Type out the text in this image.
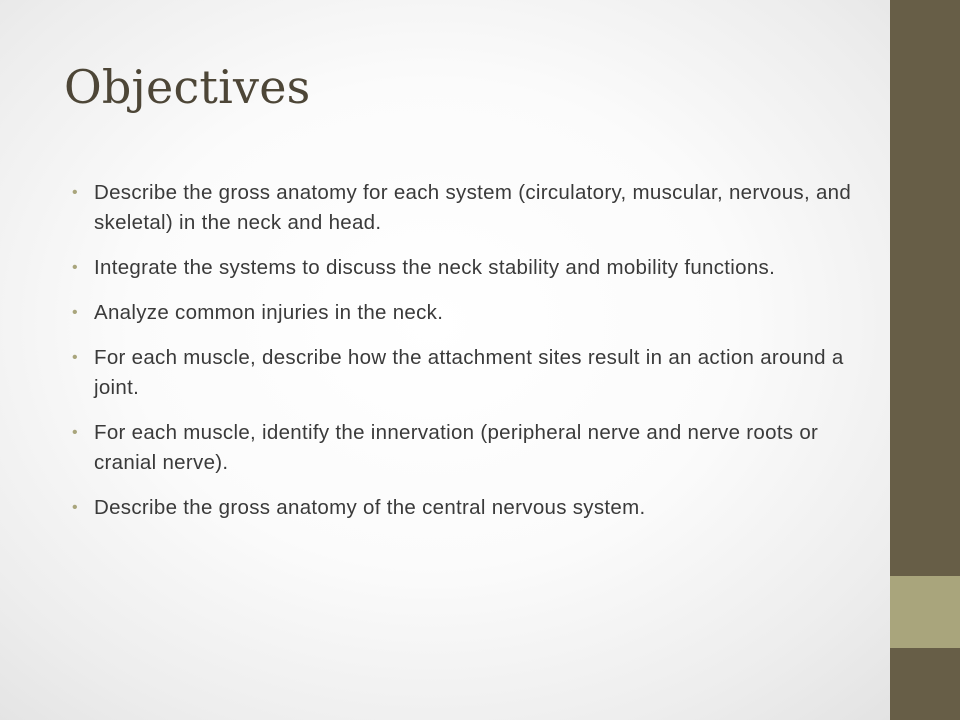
Objectives
• Describe the gross anatomy for each system (circulatory, muscular, nervous, and skeletal) in the neck and head.
• Integrate the systems to discuss the neck stability and mobility functions.
• Analyze common injuries in the neck.
• For each muscle, describe how the attachment sites result in an action around a joint.
• For each muscle, identify the innervation (peripheral nerve and nerve roots or cranial nerve).
• Describe the gross anatomy of the central nervous system.
